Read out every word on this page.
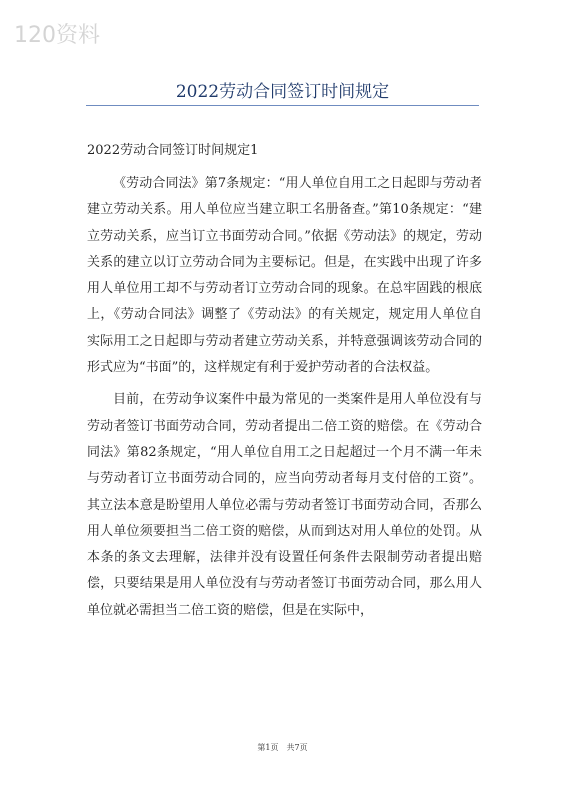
120资料
2022劳动合同签订时间规定

2022劳动合同签订时间规定1

《劳动合同法》第7条规定：“用人单位自用工之日起即与劳动者建立劳动关系。用人单位应当建立职工名册备查。”第10条规定：“建立劳动关系，应当订立书面劳动合同。”依据《劳动法》的规定，劳动关系的建立以订立劳动合同为主要标记。但是，在实践中出现了许多用人单位用工却不与劳动者订立劳动合同的现象。在总牢固践的根底上，《劳动合同法》调整了《劳动法》的有关规定，规定用人单位自实际用工之日起即与劳动者建立劳动关系，并特意强调该劳动合同的形式应为“书面”的，这样规定有利于爱护劳动者的合法权益。

目前，在劳动争议案件中最为常见的一类案件是用人单位没有与劳动者签订书面劳动合同，劳动者提出二倍工资的赔偿。在《劳动合同法》第82条规定，“用人单位自用工之日起超过一个月不满一年未与劳动者订立书面劳动合同的，应当向劳动者每月支付倍的工资”。其立法本意是盼望用人单位必需与劳动者签订书面劳动合同，否那么用人单位须要担当二倍工资的赔偿，从而到达对用人单位的处罚。从本条的条文去理解，法律并没有设置任何条件去限制劳动者提出赔偿，只要结果是用人单位没有与劳动者签订书面劳动合同，那么用人单位就必需担当二倍工资的赔偿，但是在实际中，

第1页　共7页
